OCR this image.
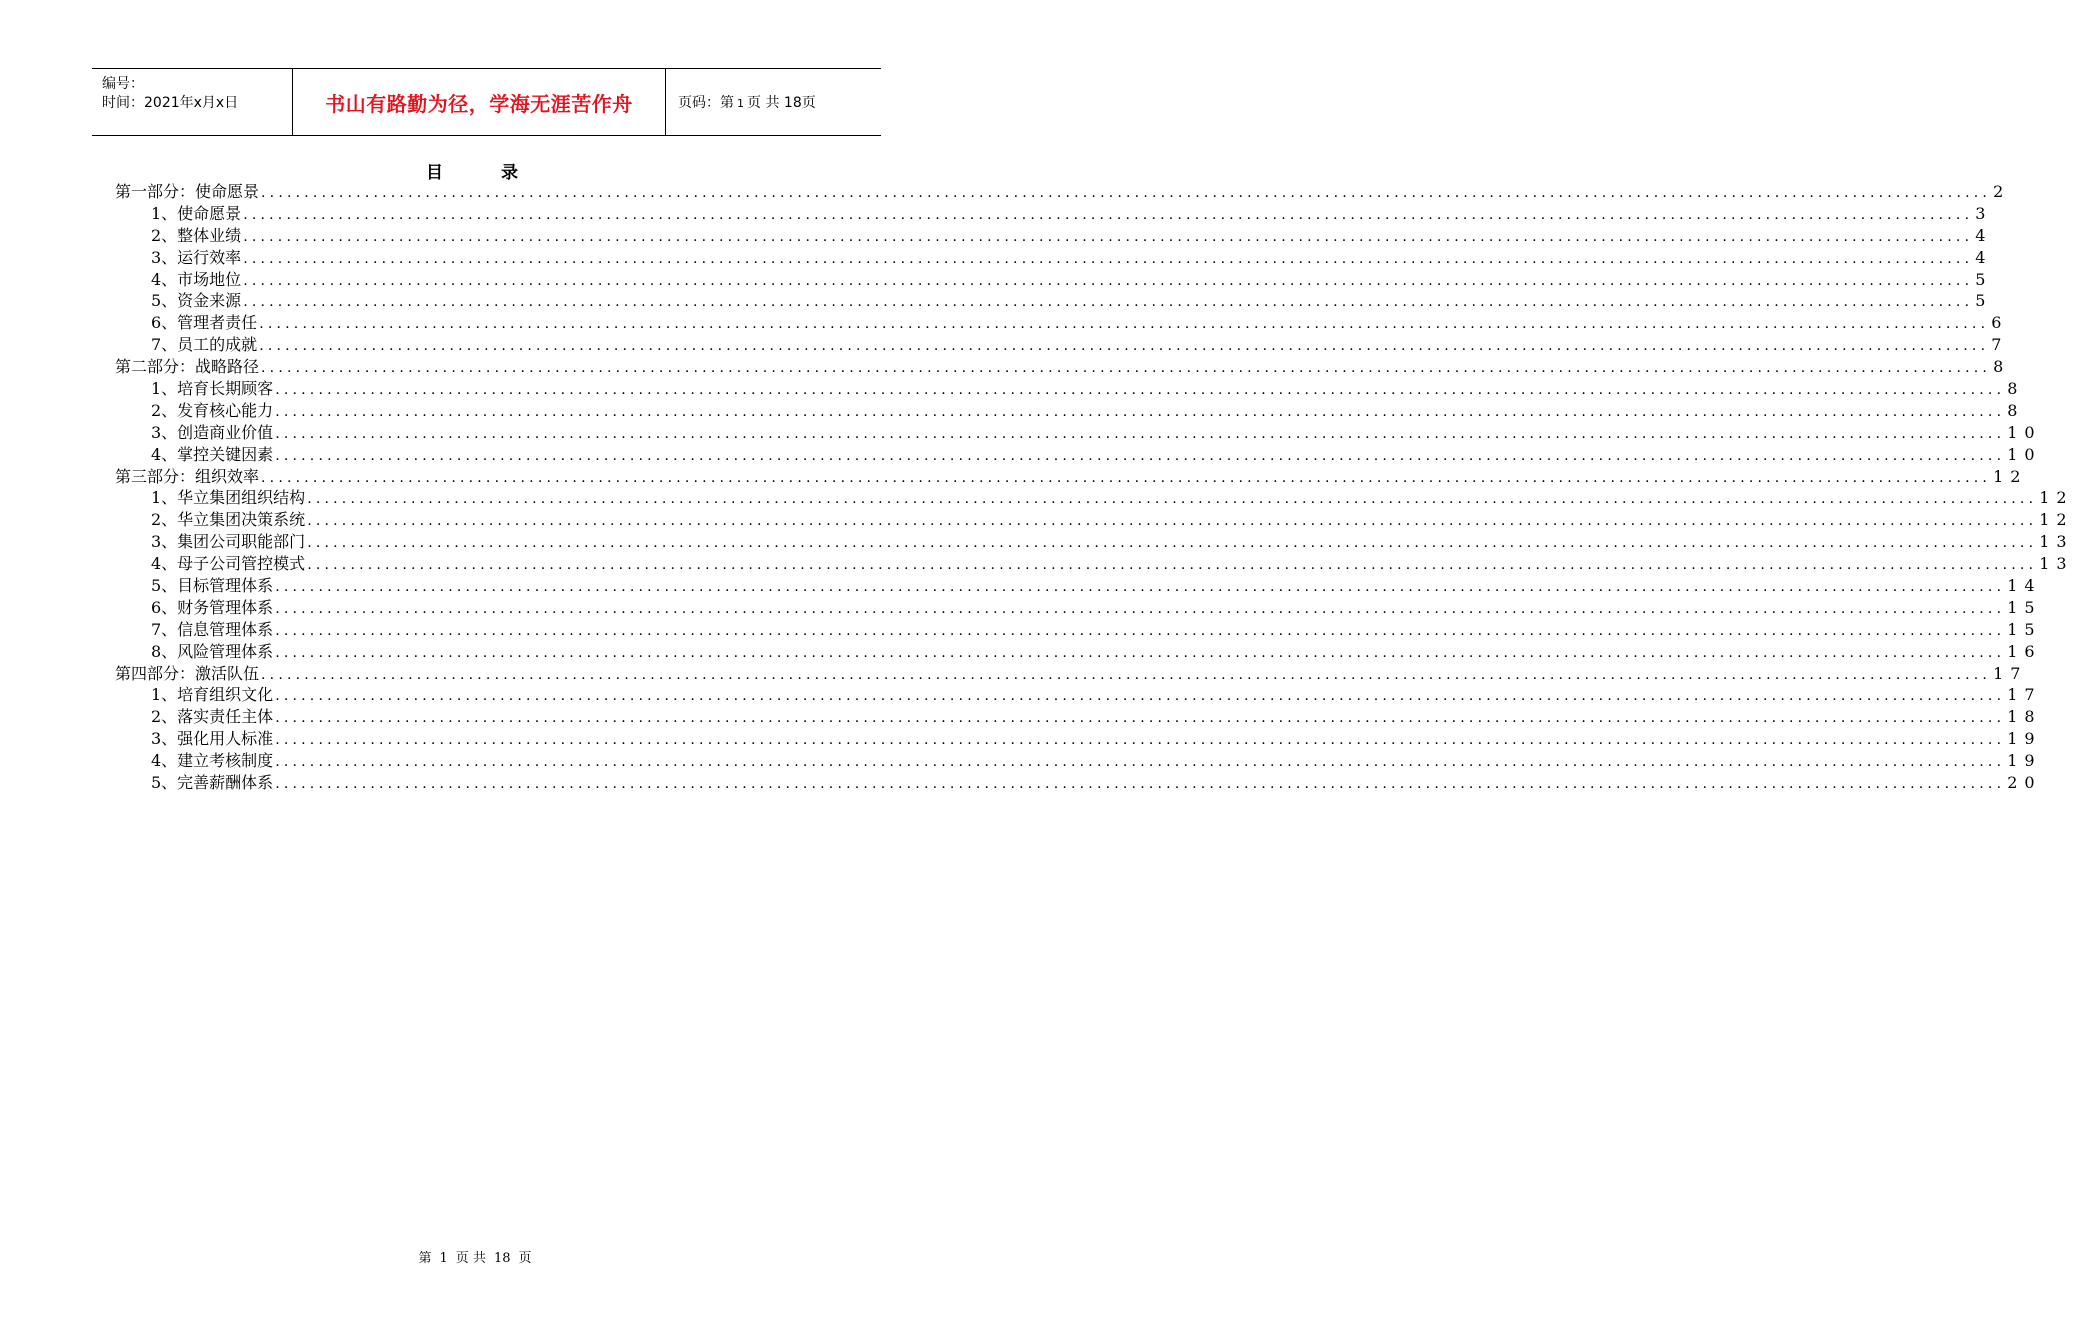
编号：
时间：2021年x月x日	书山有路勤为径，学海无涯苦作舟	页码：第 1 页 共 18页
目 录
第一部分：使命愿景 ........................................................................................................................................................................................................ 2
1、使命愿景 ........................................................................................................................................................................................................ 3
2、整体业绩 ........................................................................................................................................................................................................ 4
3、运行效率 ........................................................................................................................................................................................................ 4
4、市场地位 ........................................................................................................................................................................................................ 5
5、资金来源 ........................................................................................................................................................................................................ 5
6、管理者责任 ........................................................................................................................................................................................................ 6
7、员工的成就 ........................................................................................................................................................................................................ 7
第二部分：战略路径 ........................................................................................................................................................................................................ 8
1、培育长期顾客 ........................................................................................................................................................................................................ 8
2、发育核心能力 ........................................................................................................................................................................................................ 8
3、创造商业价值 ........................................................................................................................................................................................................ 10
4、掌控关键因素 ........................................................................................................................................................................................................ 10
第三部分：组织效率 ........................................................................................................................................................................................................ 12
1、华立集团组织结构 ........................................................................................................................................................................................................ 12
2、华立集团决策系统 ........................................................................................................................................................................................................ 12
3、集团公司职能部门 ........................................................................................................................................................................................................ 13
4、母子公司管控模式 ........................................................................................................................................................................................................ 13
5、目标管理体系 ........................................................................................................................................................................................................ 14
6、财务管理体系 ........................................................................................................................................................................................................ 15
7、信息管理体系 ........................................................................................................................................................................................................ 15
8、风险管理体系 ........................................................................................................................................................................................................ 16
第四部分：激活队伍 ........................................................................................................................................................................................................ 17
1、培育组织文化 ........................................................................................................................................................................................................ 17
2、落实责任主体 ........................................................................................................................................................................................................ 18
3、强化用人标准 ........................................................................................................................................................................................................ 19
4、建立考核制度 ........................................................................................................................................................................................................ 19
5、完善薪酬体系 ........................................................................................................................................................................................................ 20
第 1 页 共 18 页
